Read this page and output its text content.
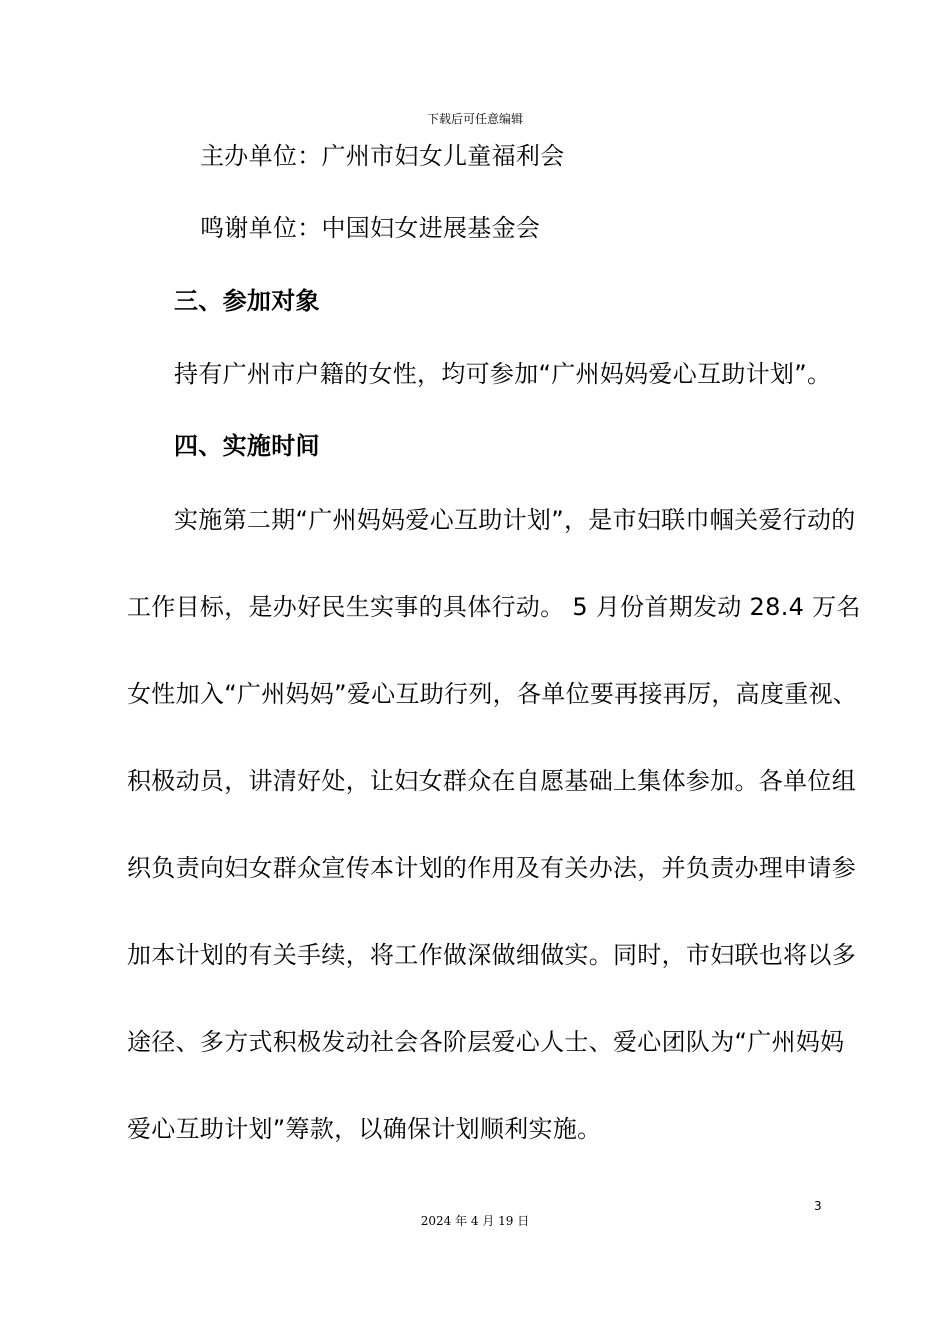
下载后可任意编辑
主办单位：广州市妇女儿童福利会
鸣谢单位：中国妇女进展基金会
三、参加对象
持有广州市户籍的女性，均可参加“广州妈妈爱心互助计划”。
四、实施时间
实施第二期“广州妈妈爱心互助计划”，是市妇联巾帼关爱行动的
工作目标，是办好民生实事的具体行动。 5 月份首期发动 28.4 万名
女性加入“广州妈妈”爱心互助行列，各单位要再接再厉，高度重视、
积极动员，讲清好处，让妇女群众在自愿基础上集体参加。各单位组
织负责向妇女群众宣传本计划的作用及有关办法，并负责办理申请参
加本计划的有关手续，将工作做深做细做实。同时，市妇联也将以多
途径、多方式积极发动社会各阶层爱心人士、爱心团队为“广州妈妈
爱心互助计划”筹款，以确保计划顺利实施。
3
2024 年 4 月 19 日
